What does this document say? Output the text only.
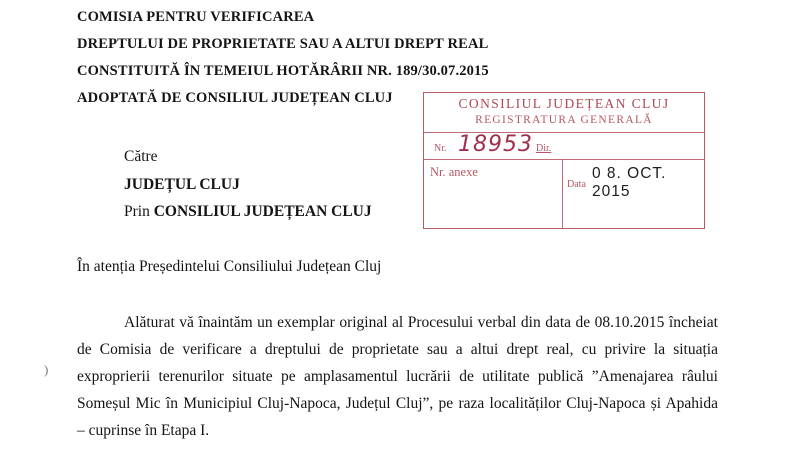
COMISIA PENTRU VERIFICAREA
DREPTULUI DE PROPRIETATE SAU A ALTUI DREPT REAL
CONSTITUITĂ ÎN TEMEIUL HOTĂRÂRII NR. 189/30.07.2015
ADOPTATĂ DE CONSILIUL JUDEȚEAN CLUJ	CONSILIUL JUDEȚEAN CLUJ
REGISTRATURA GENERALĂ
Nr. 18953 Dir.
Nr. anexe
Data
0 8. OCT. 2015
Către
JUDEȚUL CLUJ
Prin CONSILIUL JUDEȚEAN CLUJ
În atenția Președintelui Consiliului Județean Cluj
Alăturat vă înaintăm un exemplar original al Procesului verbal din data de 08.10.2015 încheiat
de Comisia de verificare a dreptului de proprietate sau a altui drept real, cu privire la situația
exproprierii terenurilor situate pe amplasamentul lucrării de utilitate publică ”Amenajarea râului
Someșul Mic în Municipiul Cluj-Napoca, Județul Cluj”, pe raza localităților Cluj-Napoca și Apahida
– cuprinse în Etapa I.
)
